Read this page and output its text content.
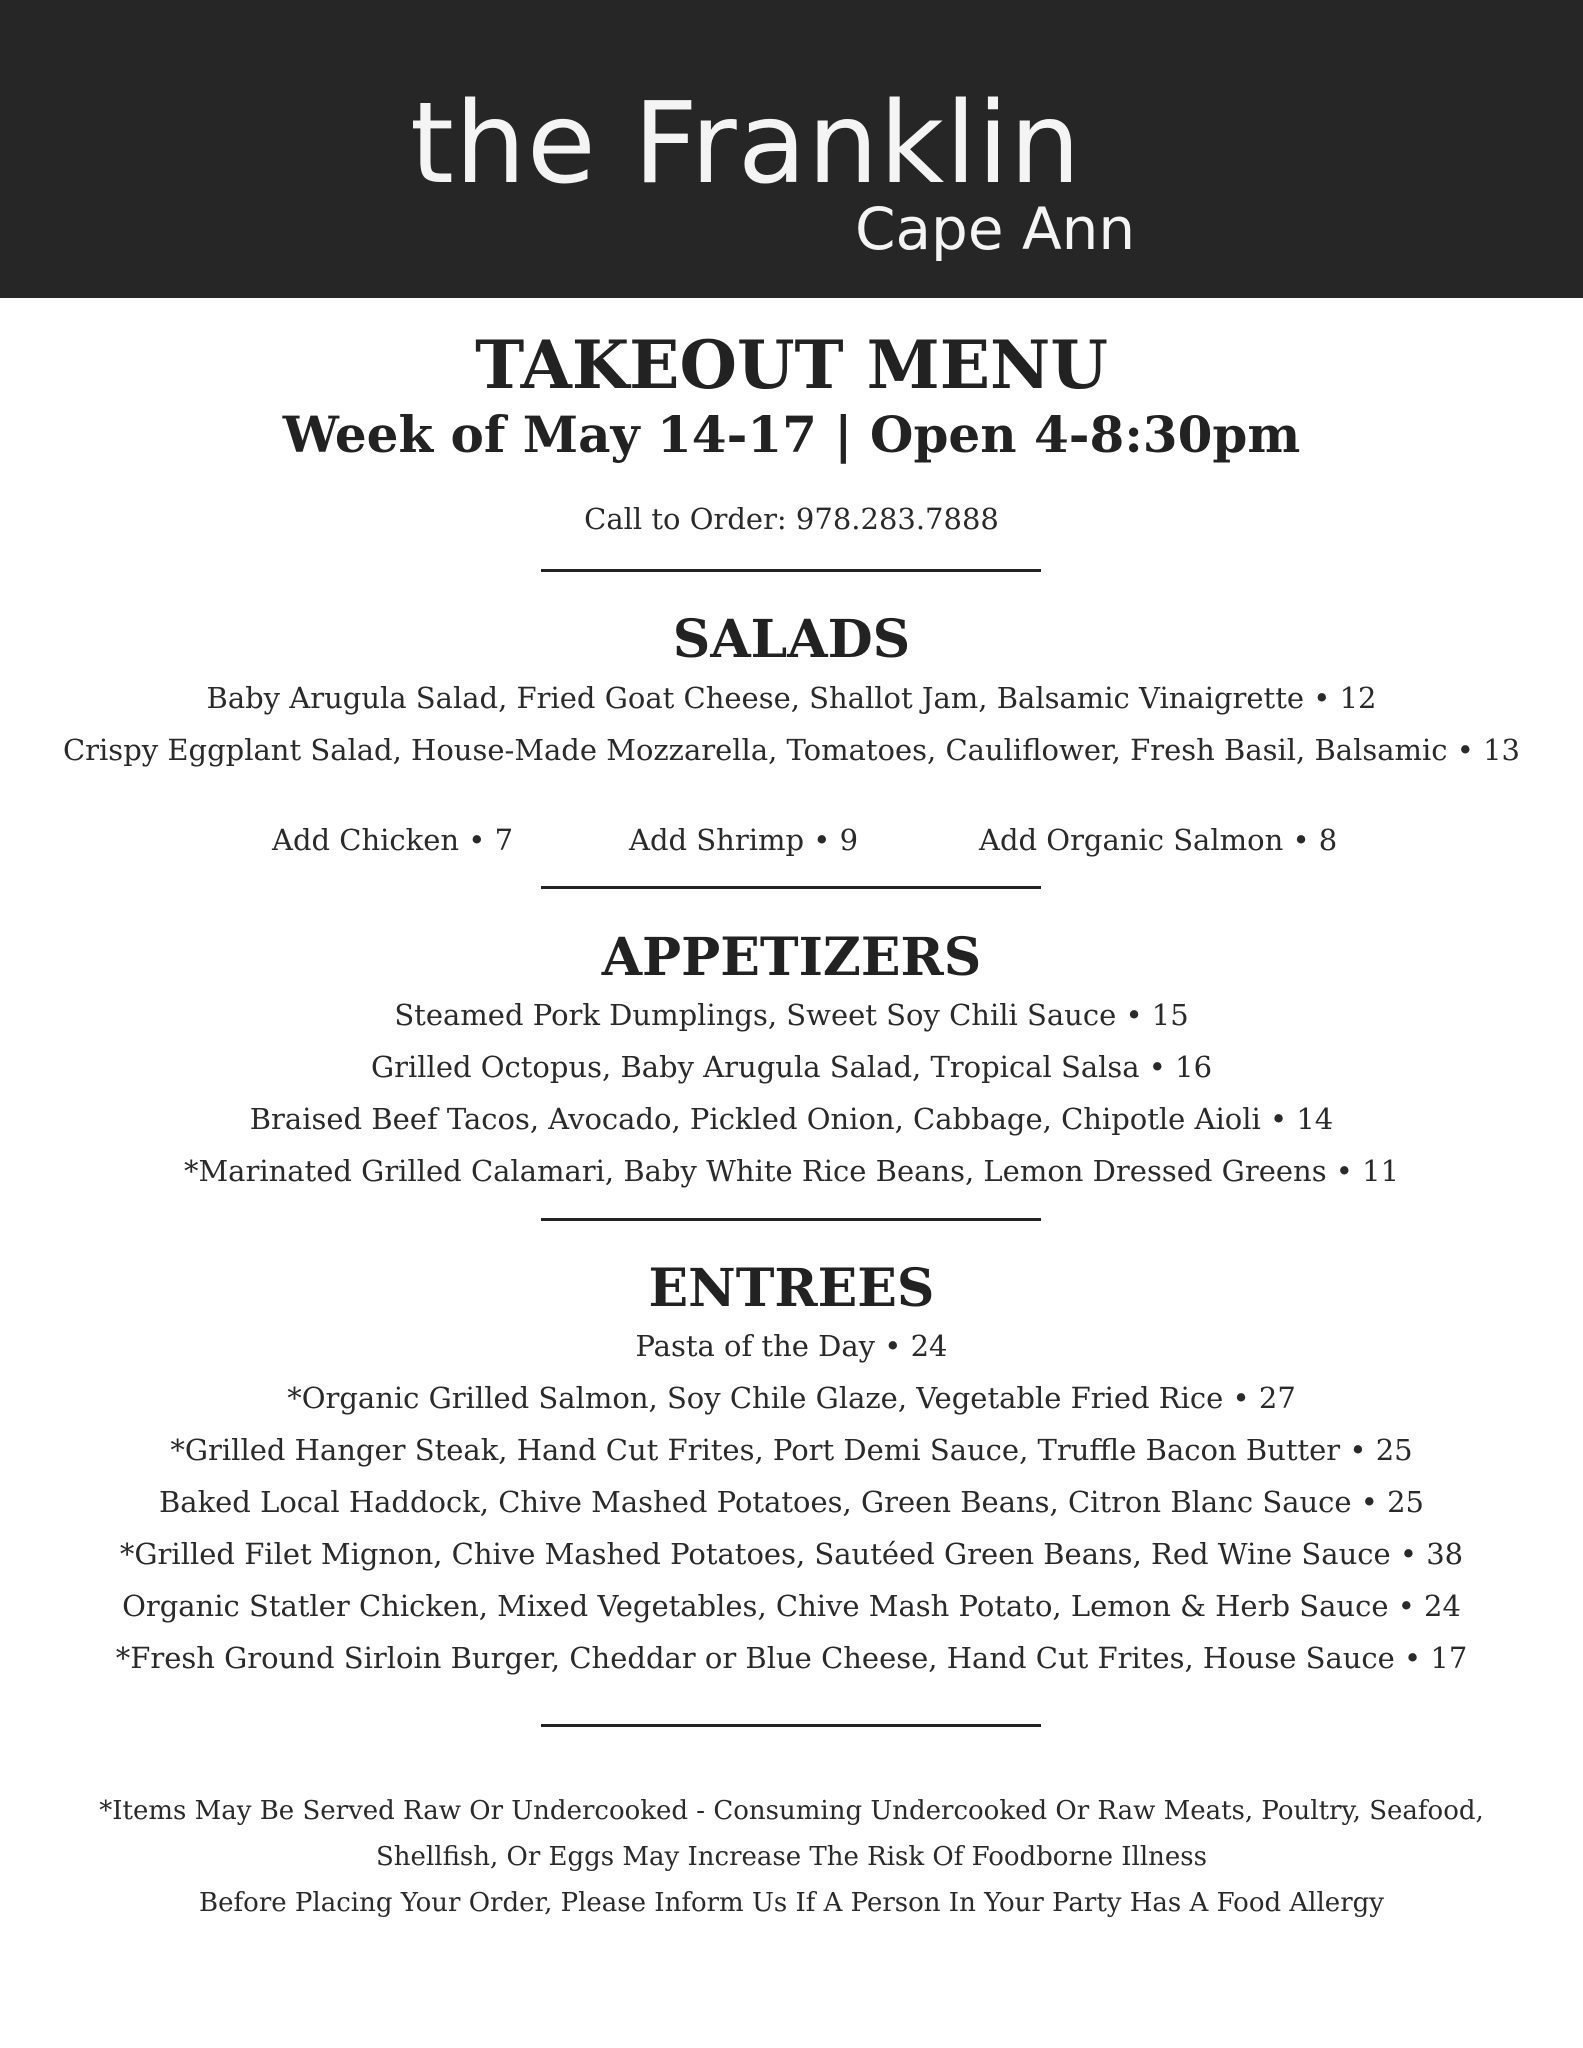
the Franklin
Cape Ann
TAKEOUT MENU
Week of May 14-17 | Open 4-8:30pm
Call to Order: 978.283.7888
SALADS
Baby Arugula Salad, Fried Goat Cheese, Shallot Jam, Balsamic Vinaigrette • 12
Crispy Eggplant Salad, House-Made Mozzarella, Tomatoes, Cauliflower, Fresh Basil, Balsamic • 13
Add Chicken • 7	Add Shrimp • 9	Add Organic Salmon • 8
APPETIZERS
Steamed Pork Dumplings, Sweet Soy Chili Sauce • 15
Grilled Octopus, Baby Arugula Salad, Tropical Salsa • 16
Braised Beef Tacos, Avocado, Pickled Onion, Cabbage, Chipotle Aioli • 14
*Marinated Grilled Calamari, Baby White Rice Beans, Lemon Dressed Greens • 11
ENTREES
Pasta of the Day • 24
*Organic Grilled Salmon, Soy Chile Glaze, Vegetable Fried Rice • 27
*Grilled Hanger Steak, Hand Cut Frites, Port Demi Sauce, Truffle Bacon Butter • 25
Baked Local Haddock, Chive Mashed Potatoes, Green Beans, Citron Blanc Sauce • 25
*Grilled Filet Mignon, Chive Mashed Potatoes, Sautéed Green Beans, Red Wine Sauce • 38
Organic Statler Chicken, Mixed Vegetables, Chive Mash Potato, Lemon & Herb Sauce • 24
*Fresh Ground Sirloin Burger, Cheddar or Blue Cheese, Hand Cut Frites, House Sauce • 17
*Items May Be Served Raw Or Undercooked - Consuming Undercooked Or Raw Meats, Poultry, Seafood,
Shellfish, Or Eggs May Increase The Risk Of Foodborne Illness
Before Placing Your Order, Please Inform Us If A Person In Your Party Has A Food Allergy
